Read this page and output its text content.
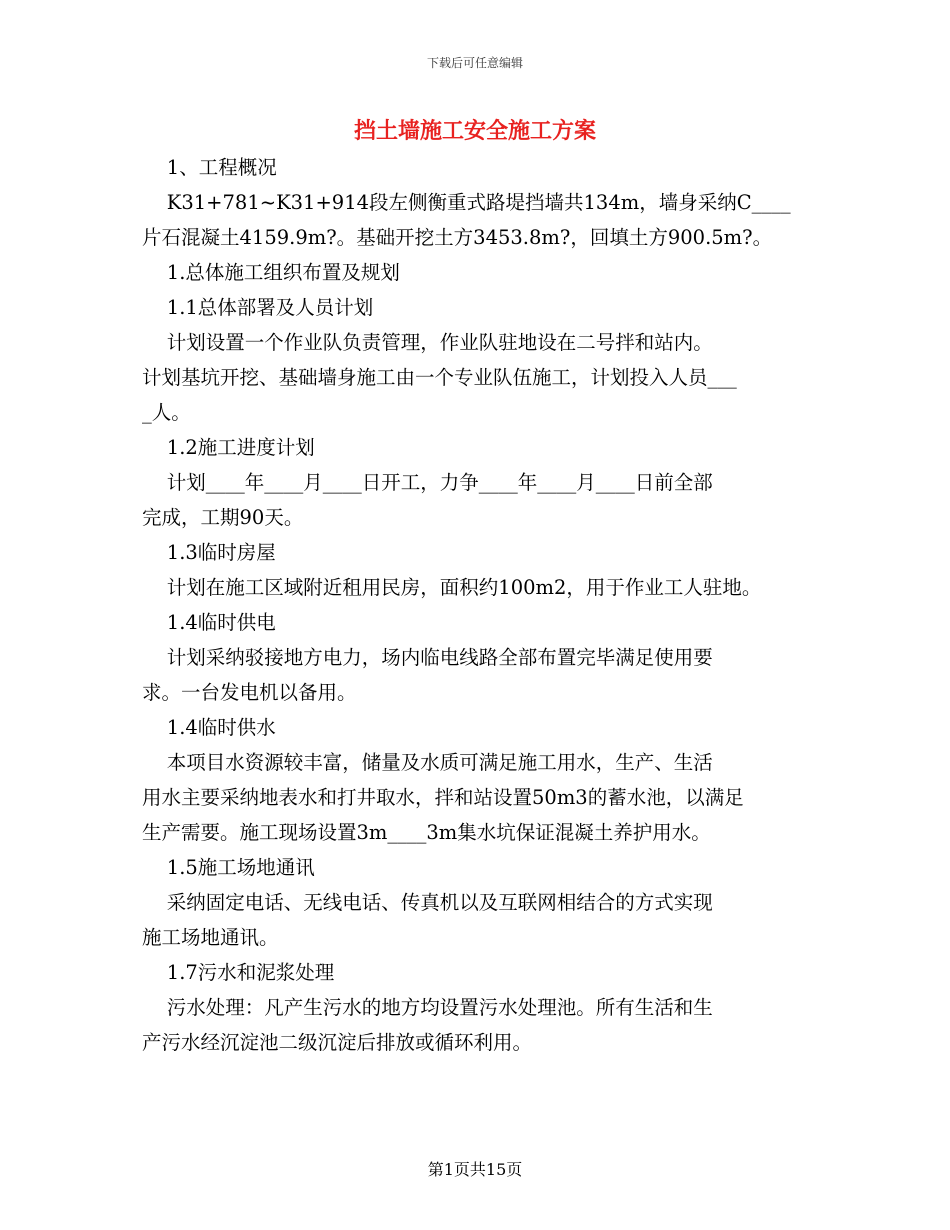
下载后可任意编辑
挡土墙施工安全施工方案

1、工程概况

K31+781~K31+914段左侧衡重式路堤挡墙共134m，墙身采纳C____

片石混凝土4159.9m?。基础开挖土方3453.8m?，回填土方900.5m?。

1.总体施工组织布置及规划

1.1总体部署及人员计划

计划设置一个作业队负责管理，作业队驻地设在二号拌和站内。

计划基坑开挖、基础墙身施工由一个专业队伍施工，计划投入人员___

_人。

1.2施工进度计划

计划____年____月____日开工，力争____年____月____日前全部

完成，工期90天。

1.3临时房屋

计划在施工区域附近租用民房，面积约100m2，用于作业工人驻地。

1.4临时供电

计划采纳驳接地方电力，场内临电线路全部布置完毕满足使用要

求。一台发电机以备用。

1.4临时供水

本项目水资源较丰富，储量及水质可满足施工用水，生产、生活

用水主要采纳地表水和打井取水，拌和站设置50m3的蓄水池，以满足

生产需要。施工现场设置3m____3m集水坑保证混凝土养护用水。

1.5施工场地通讯

采纳固定电话、无线电话、传真机以及互联网相结合的方式实现

施工场地通讯。

1.7污水和泥浆处理

污水处理：凡产生污水的地方均设置污水处理池。所有生活和生

产污水经沉淀池二级沉淀后排放或循环利用。

第1页共15页
